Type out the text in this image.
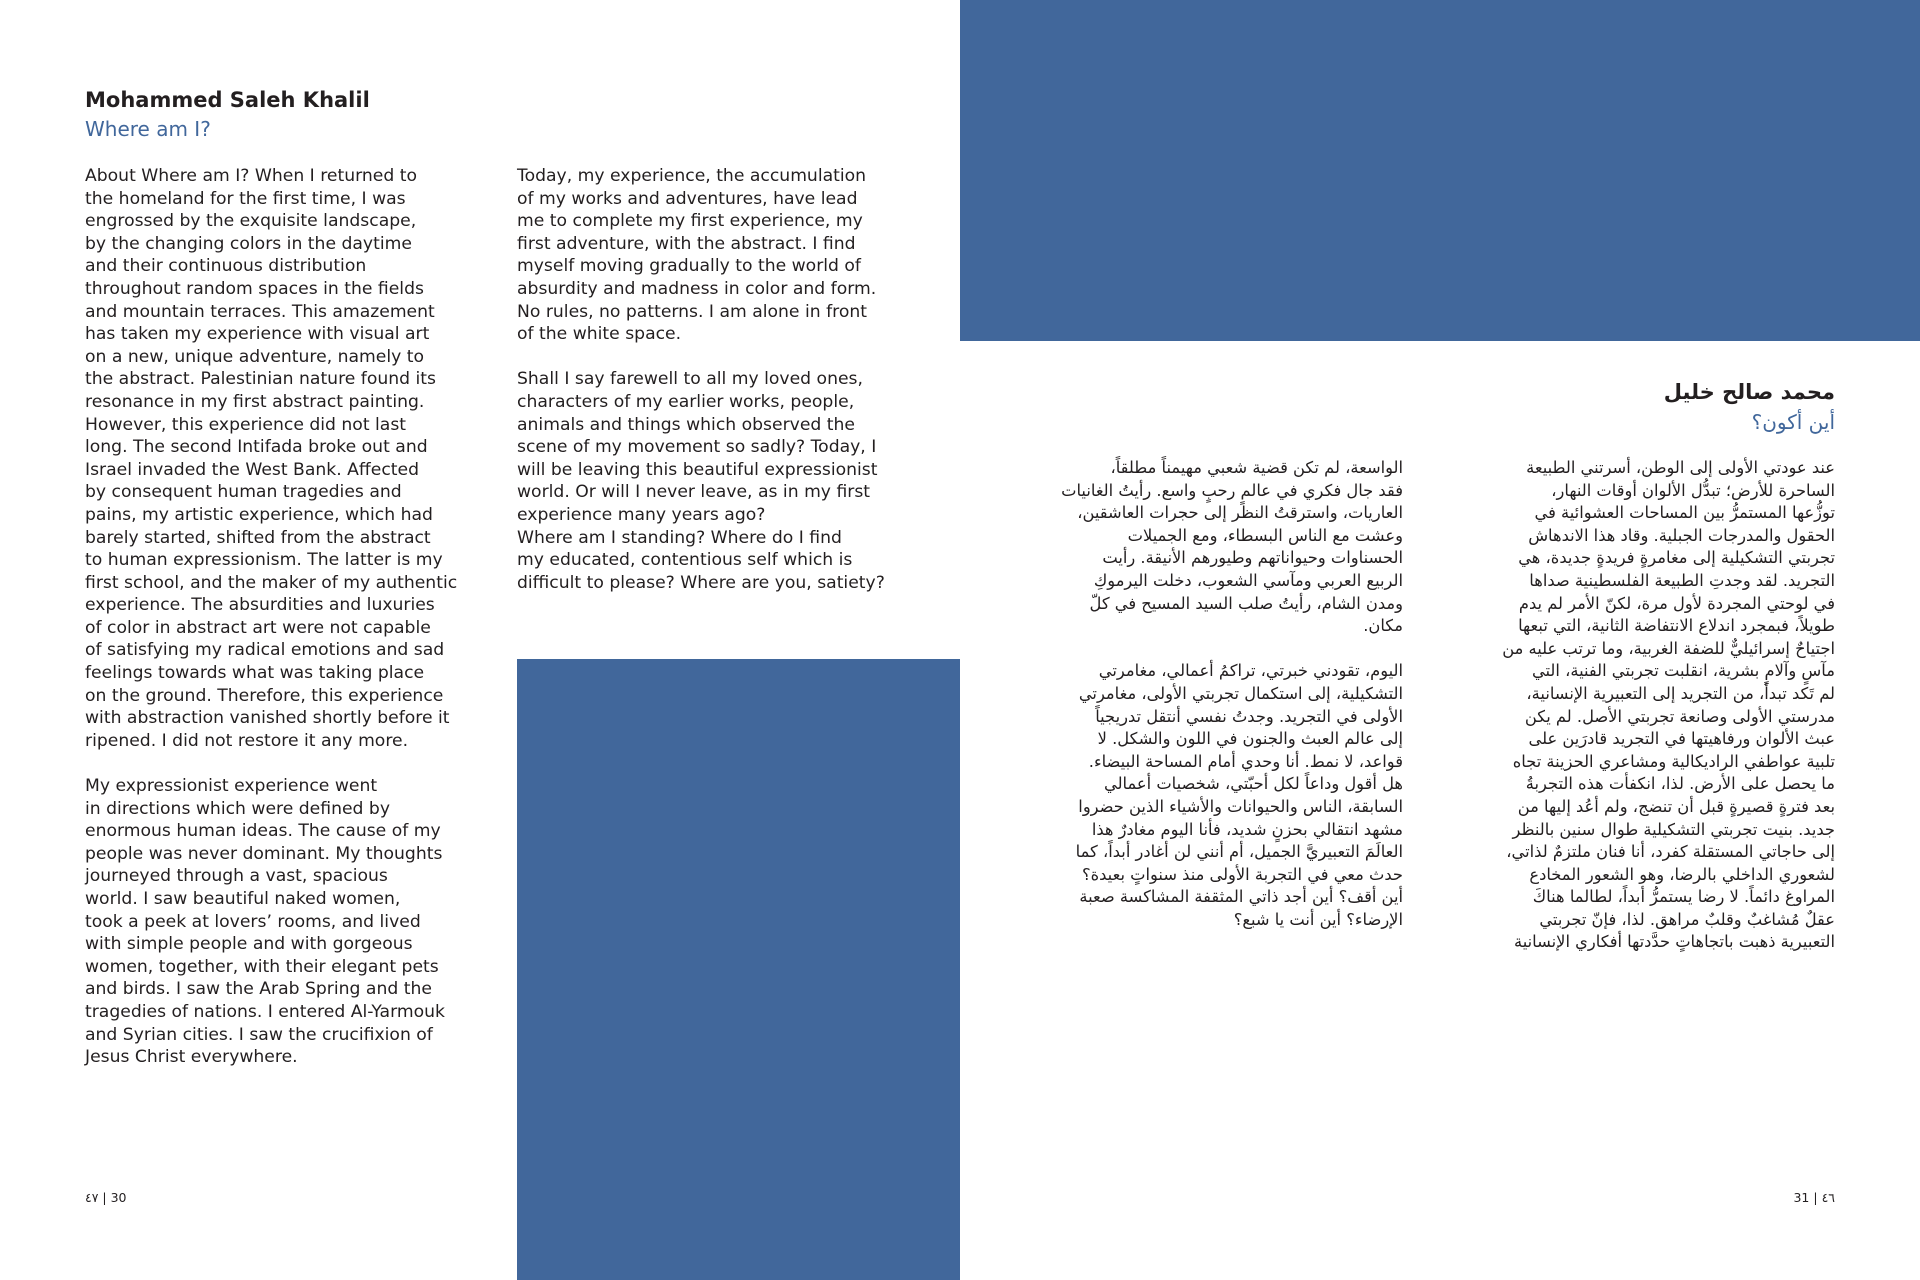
Mohammed Saleh Khalil
Where am I?

About Where am I? When I returned to
the homeland for the first time, I was
engrossed by the exquisite landscape,
by the changing colors in the daytime
and their continuous distribution
throughout random spaces in the fields
and mountain terraces. This amazement
has taken my experience with visual art
on a new, unique adventure, namely to
the abstract. Palestinian nature found its
resonance in my first abstract painting.
However, this experience did not last
long. The second Intifada broke out and
Israel invaded the West Bank. Affected
by consequent human tragedies and
pains, my artistic experience, which had
barely started, shifted from the abstract
to human expressionism. The latter is my
first school, and the maker of my authentic
experience. The absurdities and luxuries
of color in abstract art were not capable
of satisfying my radical emotions and sad
feelings towards what was taking place
on the ground. Therefore, this experience
with abstraction vanished shortly before it
ripened. I did not restore it any more.

My expressionist experience went
in directions which were defined by
enormous human ideas. The cause of my
people was never dominant. My thoughts
journeyed through a vast, spacious
world. I saw beautiful naked women,
took a peek at lovers’ rooms, and lived
with simple people and with gorgeous
women, together, with their elegant pets
and birds. I saw the Arab Spring and the
tragedies of nations. I entered Al-Yarmouk
and Syrian cities. I saw the crucifixion of
Jesus Christ everywhere.

Today, my experience, the accumulation
of my works and adventures, have lead
me to complete my first experience, my
first adventure, with the abstract. I find
myself moving gradually to the world of
absurdity and madness in color and form.
No rules, no patterns. I am alone in front
of the white space.

Shall I say farewell to all my loved ones,
characters of my earlier works, people,
animals and things which observed the
scene of my movement so sadly? Today, I
will be leaving this beautiful expressionist
world. Or will I never leave, as in my first
experience many years ago?
Where am I standing? Where do I find
my educated, contentious self which is
difficult to please? Where are you, satiety?

محمد صالح خليل
أين أكون؟

عند عودتي الأولى إلى الوطن، أسرتني الطبيعة
الساحرة للأرض؛ تبدُّل الألوان أوقات النهار،
توزُّعها المستمرُّ بين المساحات العشوائية في
الحقول والمدرجات الجبلية. وقاد هذا الاندهاش
تجربتي التشكيلية إلى مغامرةٍ فريدةٍ جديدة، هي
التجريد. لقد وجدتِ الطبيعة الفلسطينية صداها
في لوحتي المجردة لأول مرة، لكنّ الأمر لم يدم
طويلاً، فبمجرد اندلاع الانتفاضة الثانية، التي تبعها
اجتياحٌ إسرائيليٌّ للضفة الغربية، وما ترتب عليه من
مآسٍ وآلامٍ بشرية، انقلبت تجربتي الفنية، التي
لم تَكد تبدأ، من التجريد إلى التعبيرية الإنسانية،
مدرستي الأولى وصانعة تجربتي الأصل. لم يكن
عبث الألوان ورفاهيتها في التجريد قادرَين على
تلبية عواطفي الراديكالية ومشاعري الحزينة تجاه
ما يحصل على الأرض. لذا، انكفأت هذه التجربةُ
بعد فترةٍ قصيرةٍ قبل أن تنضج، ولم أعُد إليها من
جديد. بنيت تجربتي التشكيلية طوال سنين بالنظر
إلى حاجاتي المستقلة كفرد، أنا فنان ملتزمٌ لذاتي،
لشعوري الداخلي بالرضا، وهو الشعور المخادع
المراوغ دائماً. لا رضا يستمرُّ أبداً، لطالما هناكَ
عقلٌ مُشاغبٌ وقلبٌ مراهق. لذا، فإنّ تجربتي
التعبيرية ذهبت باتجاهاتٍ حدَّدتها أفكاري الإنسانية

الواسعة، لم تكن قضية شعبي مهيمناً مطلقاً،
فقد جال فكري في عالمٍ رحبٍ واسع. رأيتُ الغانيات
العاريات، واسترقتُ النظر إلى حجرات العاشقين،
وعشت مع الناس البسطاء، ومع الجميلات
الحسناوات وحيواناتهم وطيورهم الأنيقة. رأيت
الربيع العربي ومآسي الشعوب، دخلت اليرموكِ
ومدن الشام، رأيتُ صلب السيد المسيح في كلّ
مكان.

اليوم، تقودني خبرتي، تراكمُ أعمالي، مغامرتي
التشكيلية، إلى استكمال تجربتي الأولى، مغامرتي
الأولى في التجريد. وجدتُ نفسي أنتقل تدريجياً
إلى عالم العبث والجنون في اللون والشكل. لا
قواعد، لا نمط. أنا وحدي أمام المساحة البيضاء.
هل أقول وداعاً لكل أحبّتي، شخصيات أعمالي
السابقة، الناس والحيوانات والأشياء الذين حضروا
مشهد انتقالي بحزنٍ شديد، فأنا اليوم مغادرٌ هذا
العالَمَ التعبيريَّ الجميل، أم أنني لن أغادر أبداً، كما
حدث معي في التجربة الأولى منذ سنواتٍ بعيدة؟
أين أقف؟ أين أجد ذاتي المثقفة المشاكسة صعبة
الإرضاء؟ أين أنت يا شبع؟

٤٧ | 30	31 | ٤٦
